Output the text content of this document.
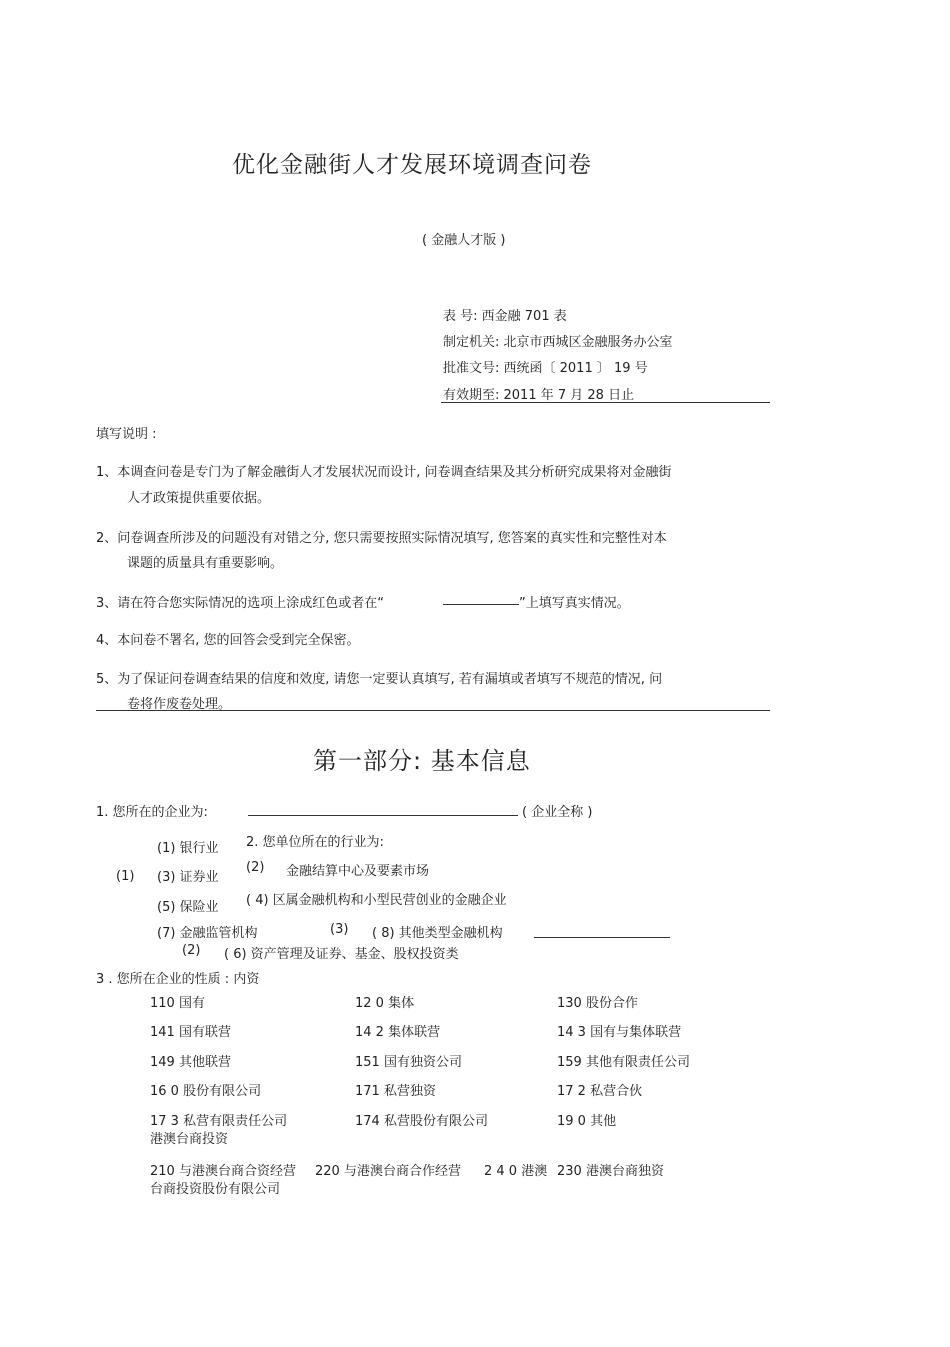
优化金融街人才发展环境调查问卷
( 金融人才版 )
表 号: 西金融 701 表
制定机关: 北京市西城区金融服务办公室
批准文号: 西统函〔 2011 〕 19 号
有效期至: 2011 年 7 月 28 日止
填写说明 :
1、本调查问卷是专门为了解金融街人才发展状况而设计, 问卷调查结果及其分析研究成果将对金融街
人才政策提供重要依据。
2、问卷调查所涉及的问题没有对错之分, 您只需要按照实际情况填写, 您答案的真实性和完整性对本
课题的质量具有重要影响。
3、请在符合您实际情况的选项上涂成红色或者在“	”上填写真实情况。
4、本问卷不署名, 您的回答会受到完全保密。
5、为了保证问卷调查结果的信度和效度, 请您一定要认真填写, 若有漏填或者填写不规范的情况, 问
卷将作废卷处理。
第一部分: 基本信息
1. 您所在的企业为:	( 企业全称 )
2. 您单位所在的行业为:
(1) 银行业
(1) (3) 证券业
(2) 金融结算中心及要素市场
(5) 保险业 ( 4) 区属金融机构和小型民营创业的金融企业
(7) 金融监管机构	(3) ( 8) 其他类型金融机构
(2) ( 6) 资产管理及证券、基金、股权投资类
3 . 您所在企业的性质 : 内资
110 国有	12 0 集体	130 股份合作
141 国有联营	14 2 集体联营	14 3 国有与集体联营
149 其他联营	151 国有独资公司	159 其他有限责任公司
16 0 股份有限公司	171 私营独资	17 2 私营合伙
17 3 私营有限责任公司	174 私营股份有限公司	19 0 其他
港澳台商投资
210 与港澳台商合资经营 220 与港澳台商合作经营 2 4 0 港澳 230 港澳台商独资
台商投资股份有限公司
